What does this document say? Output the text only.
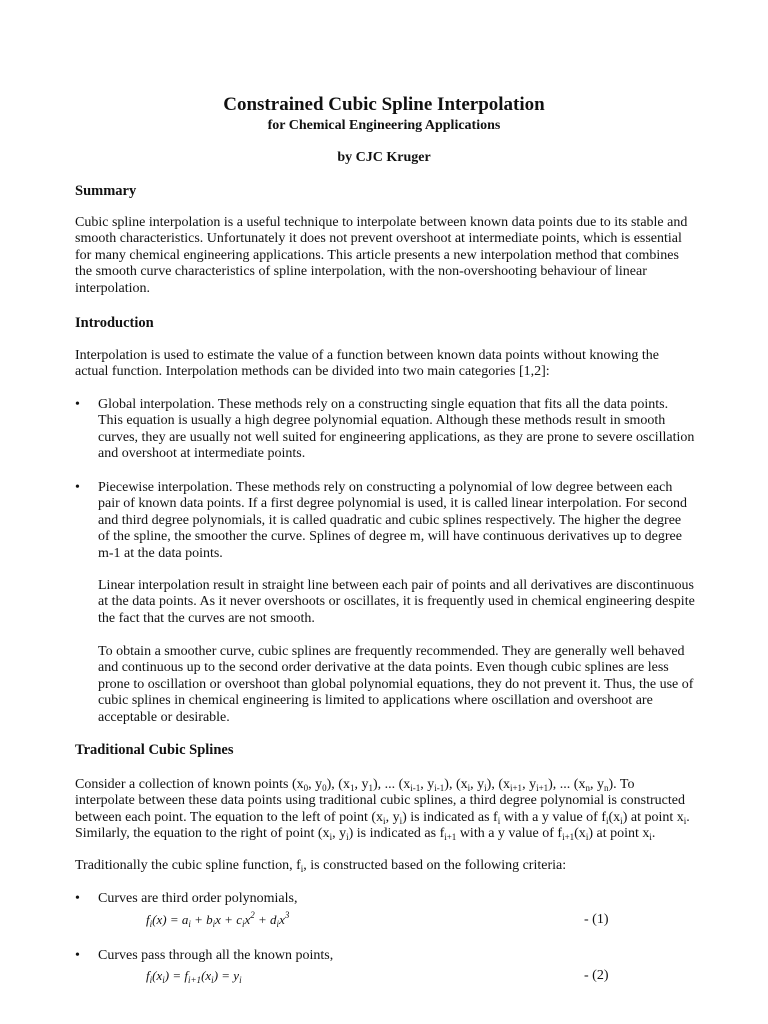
Constrained Cubic Spline Interpolation

for Chemical Engineering Applications

by CJC Kruger

Summary

Cubic spline interpolation is a useful technique to interpolate between known data points due to its stable and smooth characteristics. Unfortunately it does not prevent overshoot at intermediate points, which is essential for many chemical engineering applications. This article presents a new interpolation method that combines the smooth curve characteristics of spline interpolation, with the non-overshooting behaviour of linear interpolation.

Introduction

Interpolation is used to estimate the value of a function between known data points without knowing the actual function. Interpolation methods can be divided into two main categories [1,2]:

•	Global interpolation. These methods rely on a constructing single equation that fits all the data points. This equation is usually a high degree polynomial equation. Although these methods result in smooth curves, they are usually not well suited for engineering applications, as they are prone to severe oscillation and overshoot at intermediate points.

•	Piecewise interpolation. These methods rely on constructing a polynomial of low degree between each pair of known data points. If a first degree polynomial is used, it is called linear interpolation. For second and third degree polynomials, it is called quadratic and cubic splines respectively. The higher the degree of the spline, the smoother the curve. Splines of degree m, will have continuous derivatives up to degree m-1 at the data points.

Linear interpolation result in straight line between each pair of points and all derivatives are discontinuous at the data points. As it never overshoots or oscillates, it is frequently used in chemical engineering despite the fact that the curves are not smooth.

To obtain a smoother curve, cubic splines are frequently recommended. They are generally well behaved and continuous up to the second order derivative at the data points. Even though cubic splines are less prone to oscillation or overshoot than global polynomial equations, they do not prevent it. Thus, the use of cubic splines in chemical engineering is limited to applications where oscillation and overshoot are acceptable or desirable.

Traditional Cubic Splines

Consider a collection of known points ($x_0$, $y_0$), ($x_1$, $y_1$), ... ($x_{i-1}$, $y_{i-1}$), ($x_i$, $y_i$), ($x_{i+1}$, $y_{i+1}$), ... ($x_n$, $y_n$). To interpolate between these data points using traditional cubic splines, a third degree polynomial is constructed between each point. The equation to the left of point ($x_i$, $y_i$) is indicated as $f_i$ with a y value of $f_i(x_i)$ at point $x_i$. Similarly, the equation to the right of point ($x_i$, $y_i$) is indicated as $f_{i+1}$ with a y value of $f_{i+1}(x_i)$ at point $x_i$.

Traditionally the cubic spline function, $f_i$, is constructed based on the following criteria:

•	Curves are third order polynomials,

$f_i(x) = a_i + b_ix + c_ix^2 + d_ix^3$	- (1)
•	Curves pass through all the known points,

$f_i(x_i) = f_{i+1}(x_i) = y_i$	- (2)
